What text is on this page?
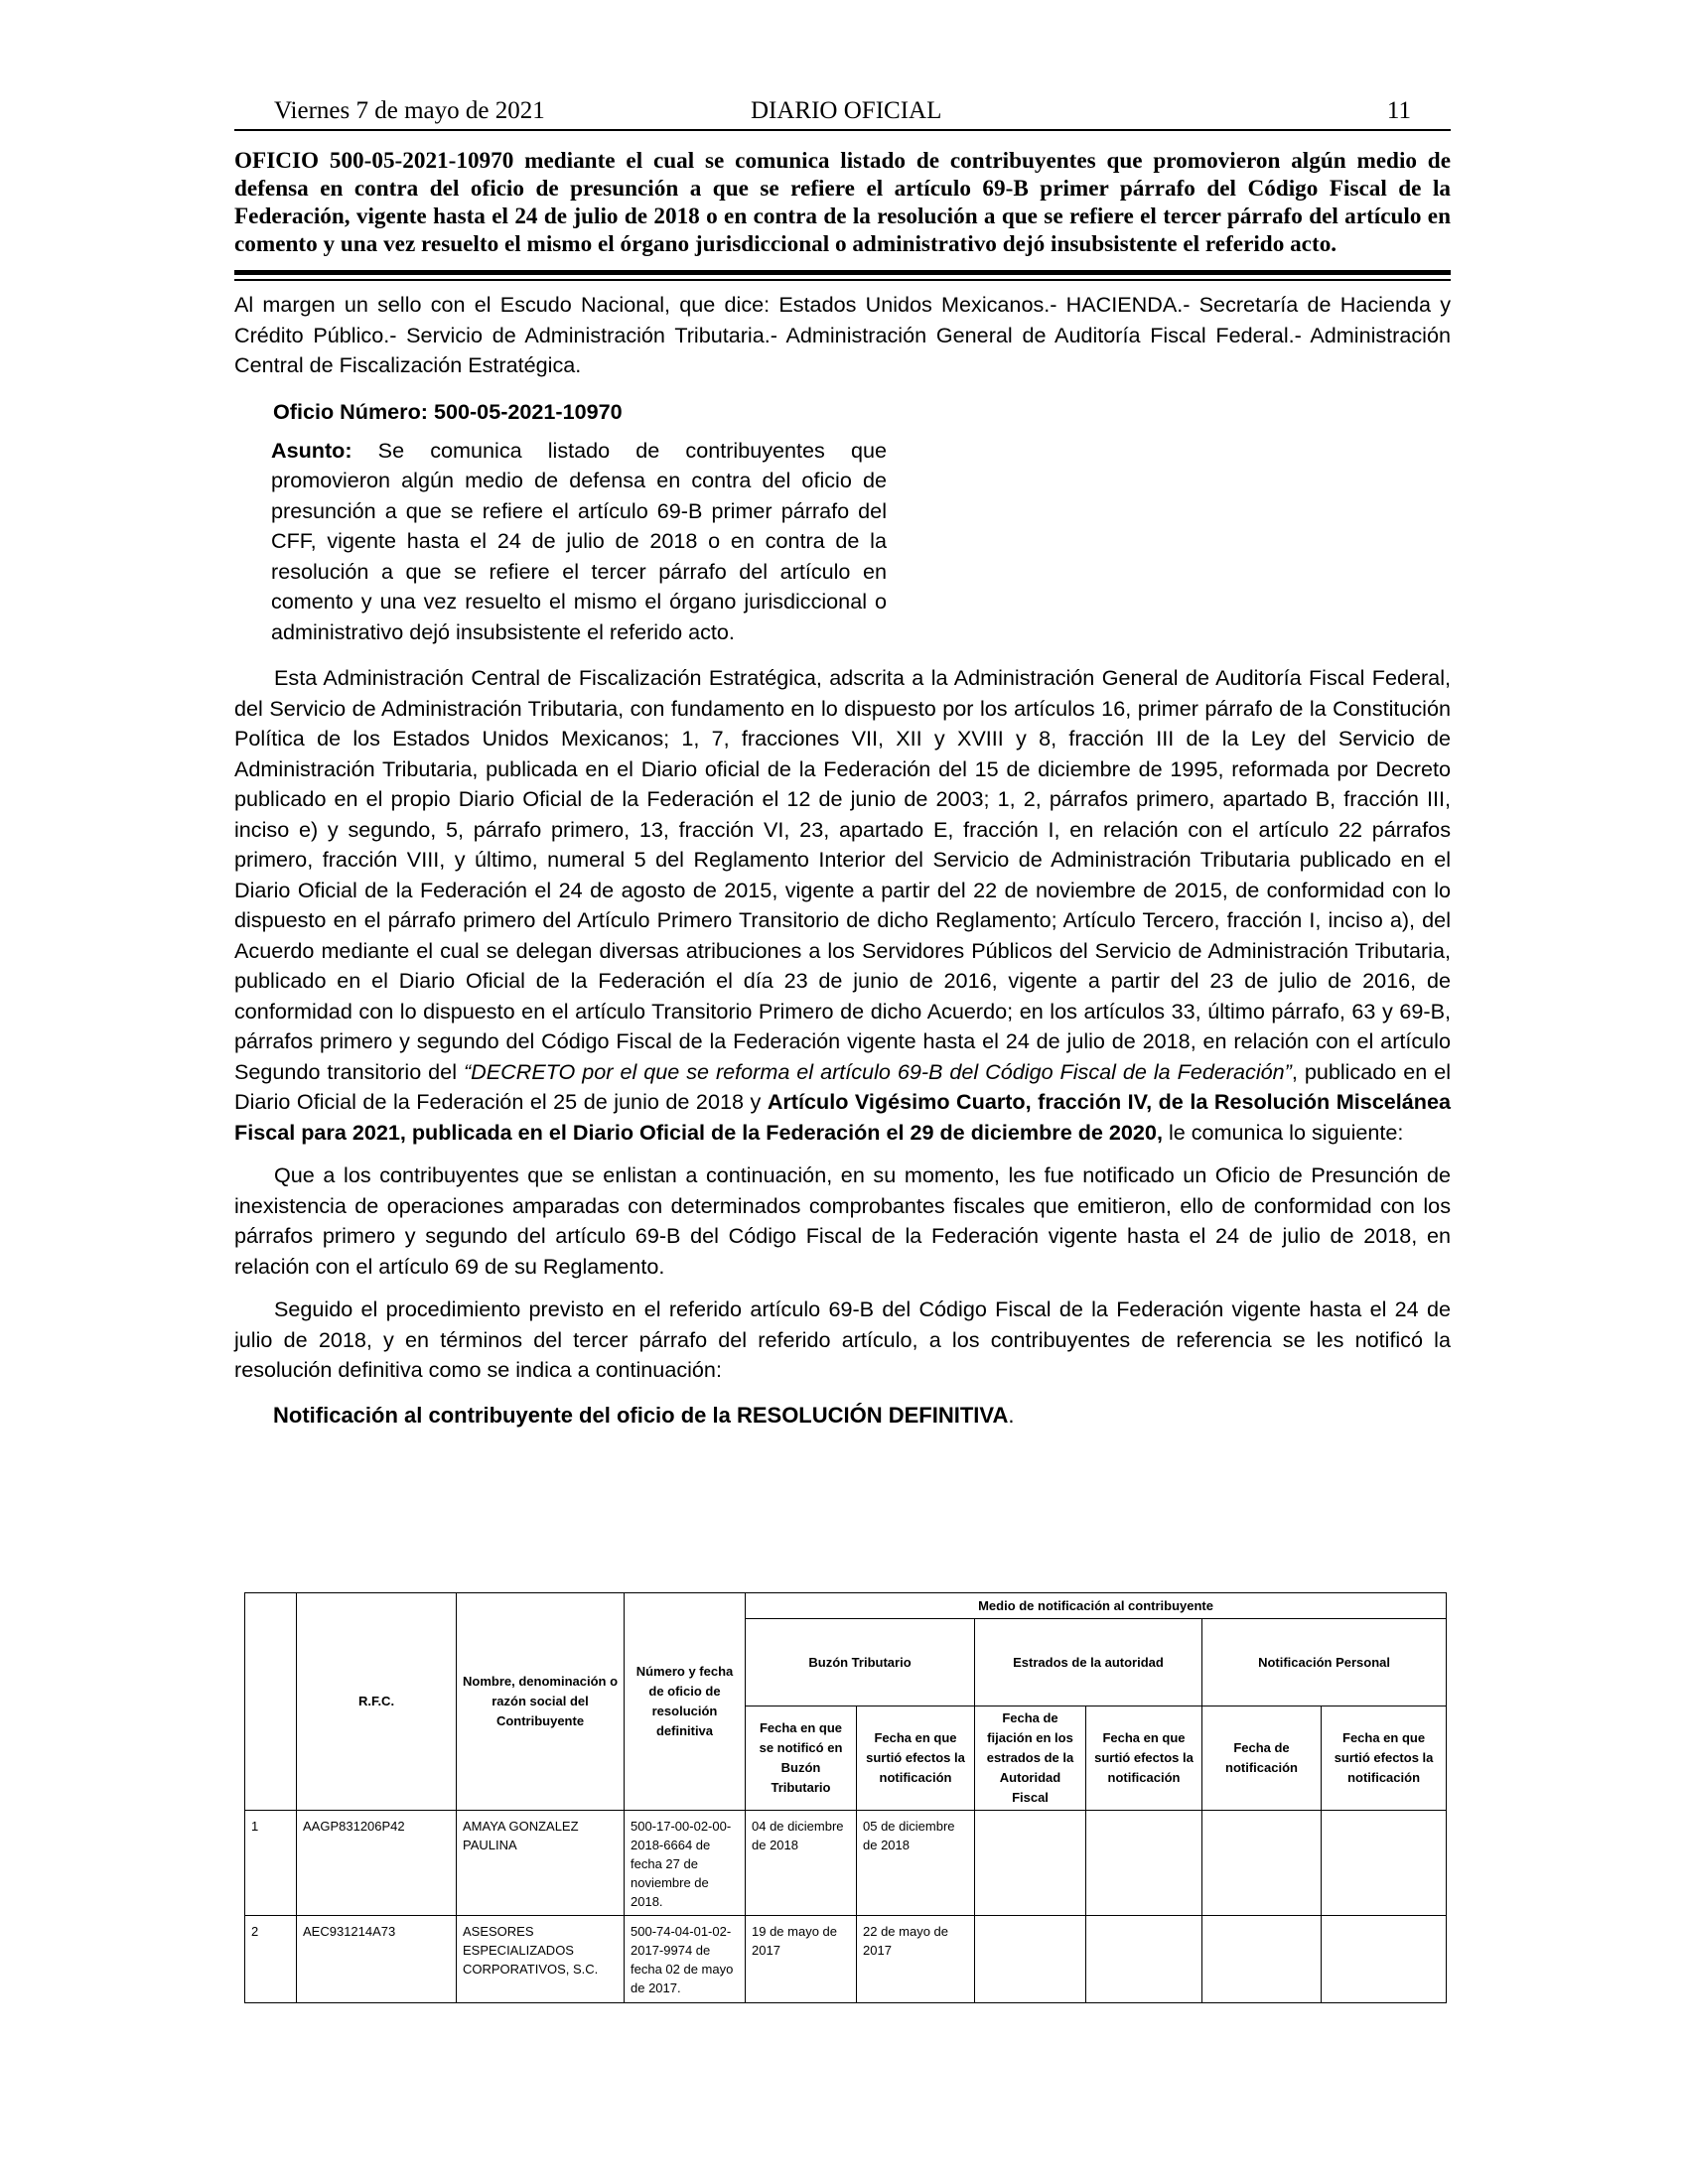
Viernes 7 de mayo de 2021	DIARIO OFICIAL	11
OFICIO 500-05-2021-10970 mediante el cual se comunica listado de contribuyentes que promovieron algún medio de defensa en contra del oficio de presunción a que se refiere el artículo 69-B primer párrafo del Código Fiscal de la Federación, vigente hasta el 24 de julio de 2018 o en contra de la resolución a que se refiere el tercer párrafo del artículo en comento y una vez resuelto el mismo el órgano jurisdiccional o administrativo dejó insubsistente el referido acto.
Al margen un sello con el Escudo Nacional, que dice: Estados Unidos Mexicanos.- HACIENDA.- Secretaría de Hacienda y Crédito Público.- Servicio de Administración Tributaria.- Administración General de Auditoría Fiscal Federal.- Administración Central de Fiscalización Estratégica.
Oficio Número: 500-05-2021-10970
Asunto: Se comunica listado de contribuyentes que promovieron algún medio de defensa en contra del oficio de presunción a que se refiere el artículo 69-B primer párrafo del CFF, vigente hasta el 24 de julio de 2018 o en contra de la resolución a que se refiere el tercer párrafo del artículo en comento y una vez resuelto el mismo el órgano jurisdiccional o administrativo dejó insubsistente el referido acto.
Esta Administración Central de Fiscalización Estratégica, adscrita a la Administración General de Auditoría Fiscal Federal, del Servicio de Administración Tributaria, con fundamento en lo dispuesto por los artículos 16, primer párrafo de la Constitución Política de los Estados Unidos Mexicanos; 1, 7, fracciones VII, XII y XVIII y 8, fracción III de la Ley del Servicio de Administración Tributaria, publicada en el Diario oficial de la Federación del 15 de diciembre de 1995, reformada por Decreto publicado en el propio Diario Oficial de la Federación el 12 de junio de 2003; 1, 2, párrafos primero, apartado B, fracción III, inciso e) y segundo, 5, párrafo primero, 13, fracción VI, 23, apartado E, fracción I, en relación con el artículo 22 párrafos primero, fracción VIII, y último, numeral 5 del Reglamento Interior del Servicio de Administración Tributaria publicado en el Diario Oficial de la Federación el 24 de agosto de 2015, vigente a partir del 22 de noviembre de 2015, de conformidad con lo dispuesto en el párrafo primero del Artículo Primero Transitorio de dicho Reglamento; Artículo Tercero, fracción I, inciso a), del Acuerdo mediante el cual se delegan diversas atribuciones a los Servidores Públicos del Servicio de Administración Tributaria, publicado en el Diario Oficial de la Federación el día 23 de junio de 2016, vigente a partir del 23 de julio de 2016, de conformidad con lo dispuesto en el artículo Transitorio Primero de dicho Acuerdo; en los artículos 33, último párrafo, 63 y 69-B, párrafos primero y segundo del Código Fiscal de la Federación vigente hasta el 24 de julio de 2018, en relación con el artículo Segundo transitorio del “DECRETO por el que se reforma el artículo 69-B del Código Fiscal de la Federación”, publicado en el Diario Oficial de la Federación el 25 de junio de 2018 y Artículo Vigésimo Cuarto, fracción IV, de la Resolución Miscelánea Fiscal para 2021, publicada en el Diario Oficial de la Federación el 29 de diciembre de 2020, le comunica lo siguiente:
Que a los contribuyentes que se enlistan a continuación, en su momento, les fue notificado un Oficio de Presunción de inexistencia de operaciones amparadas con determinados comprobantes fiscales que emitieron, ello de conformidad con los párrafos primero y segundo del artículo 69-B del Código Fiscal de la Federación vigente hasta el 24 de julio de 2018, en relación con el artículo 69 de su Reglamento.
Seguido el procedimiento previsto en el referido artículo 69-B del Código Fiscal de la Federación vigente hasta el 24 de julio de 2018, y en términos del tercer párrafo del referido artículo, a los contribuyentes de referencia se les notificó la resolución definitiva como se indica a continuación:
Notificación al contribuyente del oficio de la RESOLUCIÓN DEFINITIVA.
	R.F.C.	Nombre, denominación o razón social del Contribuyente	Número y fecha de oficio de resolución definitiva	Medio de notificación al contribuyente					
				Buzón Tributario		Estrados de la autoridad		Notificación Personal	
				Fecha en que se notificó en Buzón Tributario	Fecha en que surtió efectos la notificación	Fecha de fijación en los estrados de la Autoridad Fiscal	Fecha en que surtió efectos la notificación	Fecha de notificación	Fecha en que surtió efectos la notificación
1	AAGP831206P42	AMAYA GONZALEZ PAULINA	500-17-00-02-00-2018-6664 de fecha 27 de noviembre de 2018.	04 de diciembre de 2018	05 de diciembre de 2018				
2	AEC931214A73	ASESORES ESPECIALIZADOS CORPORATIVOS, S.C.	500-74-04-01-02-2017-9974 de fecha 02 de mayo de 2017.	19 de mayo de 2017	22 de mayo de 2017				
